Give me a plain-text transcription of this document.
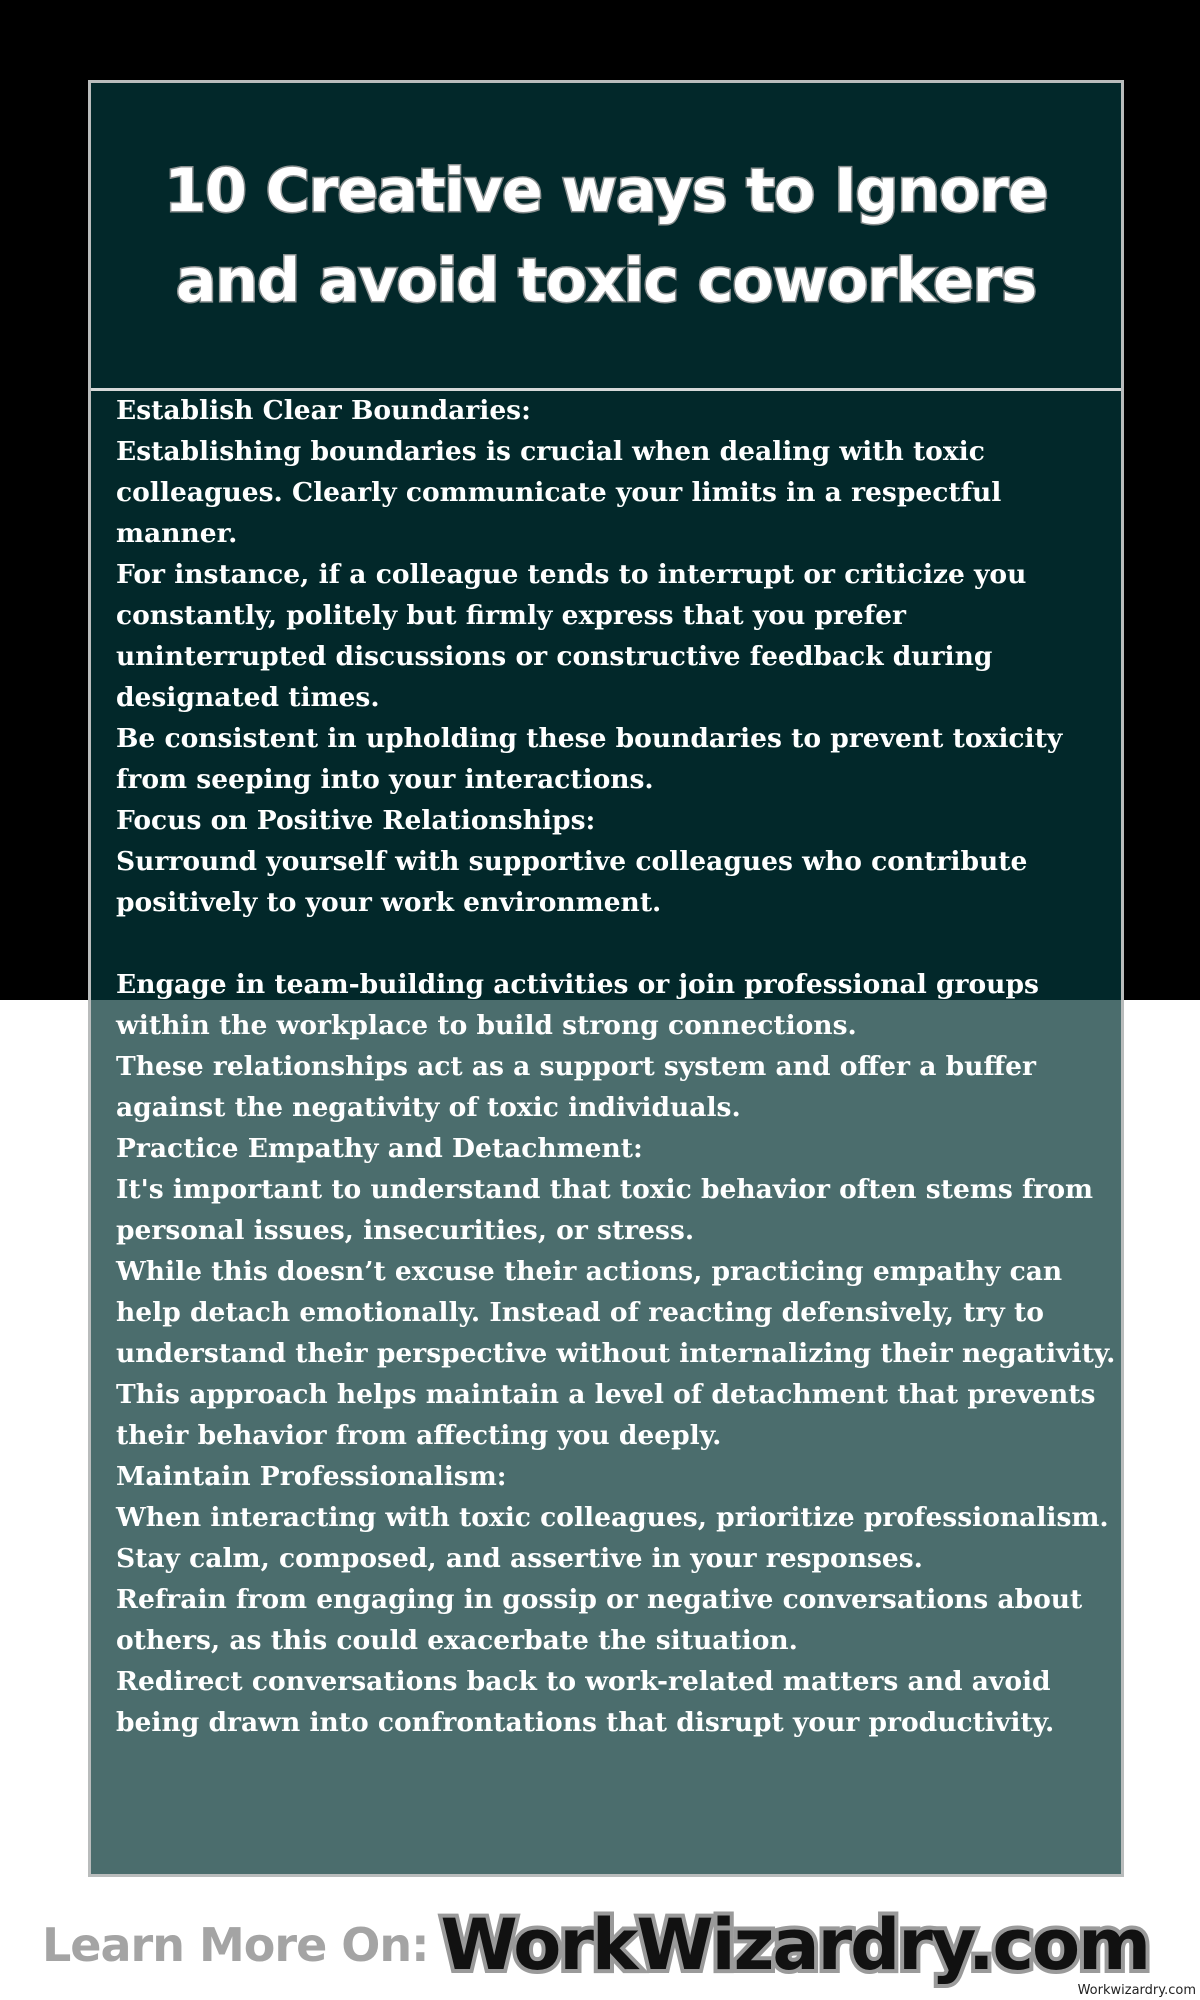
10 Creative ways to Ignore and avoid toxic coworkers

Establish Clear Boundaries:

Establishing boundaries is crucial when dealing with toxic colleagues. Clearly communicate your limits in a respectful manner.

For instance, if a colleague tends to interrupt or criticize you constantly, politely but firmly express that you prefer uninterrupted discussions or constructive feedback during designated times.

Be consistent in upholding these boundaries to prevent toxicity from seeping into your interactions.

Focus on Positive Relationships:

Surround yourself with supportive colleagues who contribute positively to your work environment.

Engage in team-building activities or join professional groups within the workplace to build strong connections.

These relationships act as a support system and offer a buffer against the negativity of toxic individuals.

Practice Empathy and Detachment:

It's important to understand that toxic behavior often stems from personal issues, insecurities, or stress.

While this doesn’t excuse their actions, practicing empathy can help detach emotionally. Instead of reacting defensively, try to understand their perspective without internalizing their negativity.

This approach helps maintain a level of detachment that prevents their behavior from affecting you deeply.

Maintain Professionalism:

When interacting with toxic colleagues, prioritize professionalism. Stay calm, composed, and assertive in your responses.

Refrain from engaging in gossip or negative conversations about others, as this could exacerbate the situation.

Redirect conversations back to work-related matters and avoid being drawn into confrontations that disrupt your productivity.

Learn More On: WorkWizardry.com
Workwizardry.com
